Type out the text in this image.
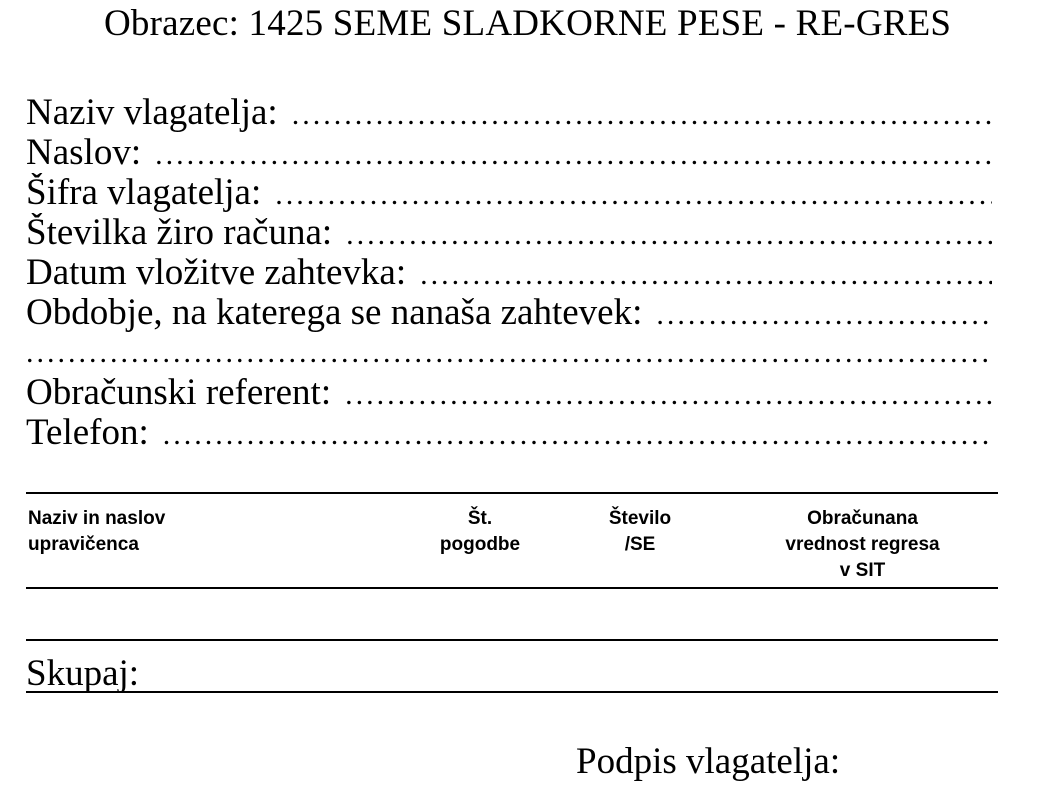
Obrazec: 1425 SEME SLADKORNE PESE - RE-GRES
Naziv vlagatelja:
.....
Naslov:
.....
Šifra vlagatelja:
.....
Številka žiro računa:
.....
Datum vložitve zahtevka:
.....
Obdobje, na katerega se nanaša zahtevek:
.....
.....
Obračunski referent:
.....
Telefon:
.....
Naziv in naslov
upravičenca
Št.
pogodbe
Število
/SE
Obračunana
vrednost regresa
v SIT
Skupaj:
Podpis vlagatelja:
